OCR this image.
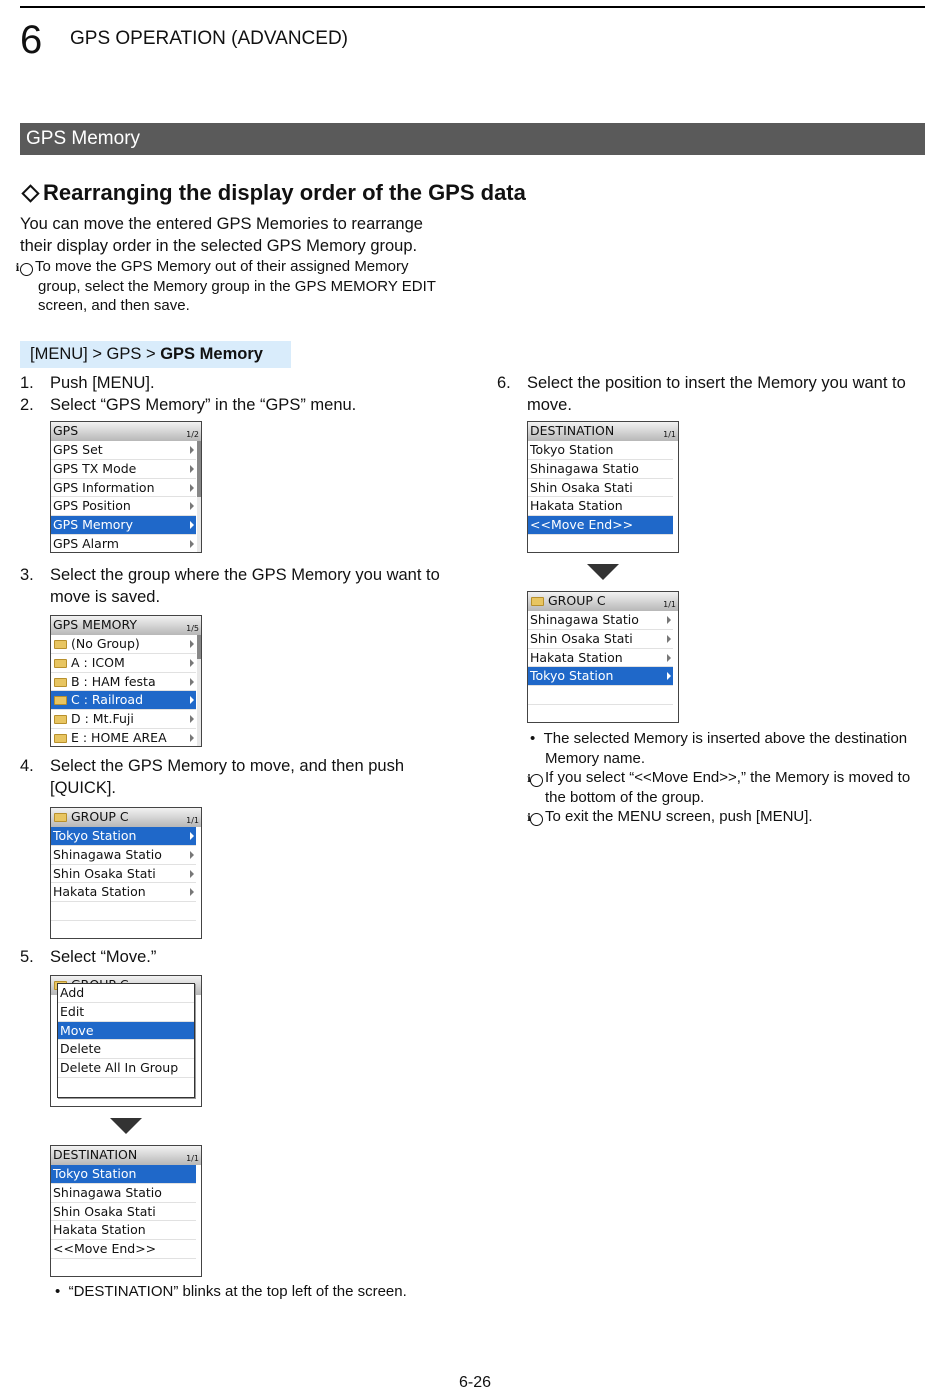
6 GPS OPERATION (ADVANCED)
GPS Memory
Rearranging the display order of the GPS data

You can move the entered GPS Memories to rearrange their display order in the selected GPS Memory group.

i To move the GPS Memory out of their assigned Memory group, select the Memory group in the GPS MEMORY EDIT screen, and then save.

[MENU] > GPS > GPS Memory
1. Push [MENU].
2. Select “GPS Memory” in the “GPS” menu.
GPS	1/2
GPS Set
GPS TX Mode
GPS Information
GPS Position
GPS Memory
GPS Alarm
3. Select the group where the GPS Memory you want to move is saved.
GPS MEMORY	1/5
(No Group)
A : ICOM
B : HAM festa
C : Railroad
D : Mt.Fuji
E : HOME AREA
4. Select the GPS Memory to move, and then push [QUICK].
GROUP C	1/1
Tokyo Station
Shinagawa Statio
Shin Osaka Stati
Hakata Station
5. Select “Move.”
Add
Edit
Move
Delete
Delete All In Group
DESTINATION	1/1
Tokyo Station
Shinagawa Statio
Shin Osaka Stati
Hakata Station
<<Move End>>
•  “DESTINATION” blinks at the top left of the screen.
6. Select the position to insert the Memory you want to move.
DESTINATION	1/1
Tokyo Station
Shinagawa Statio
Shin Osaka Stati
Hakata Station
<<Move End>>
GROUP C	1/1
Shinagawa Statio
Shin Osaka Stati
Hakata Station
Tokyo Station

•  The selected Memory is inserted above the destination Memory name.

i If you select “<<Move End>>,” the Memory is moved to the bottom of the group.

i To exit the MENU screen, push [MENU].

6-26
